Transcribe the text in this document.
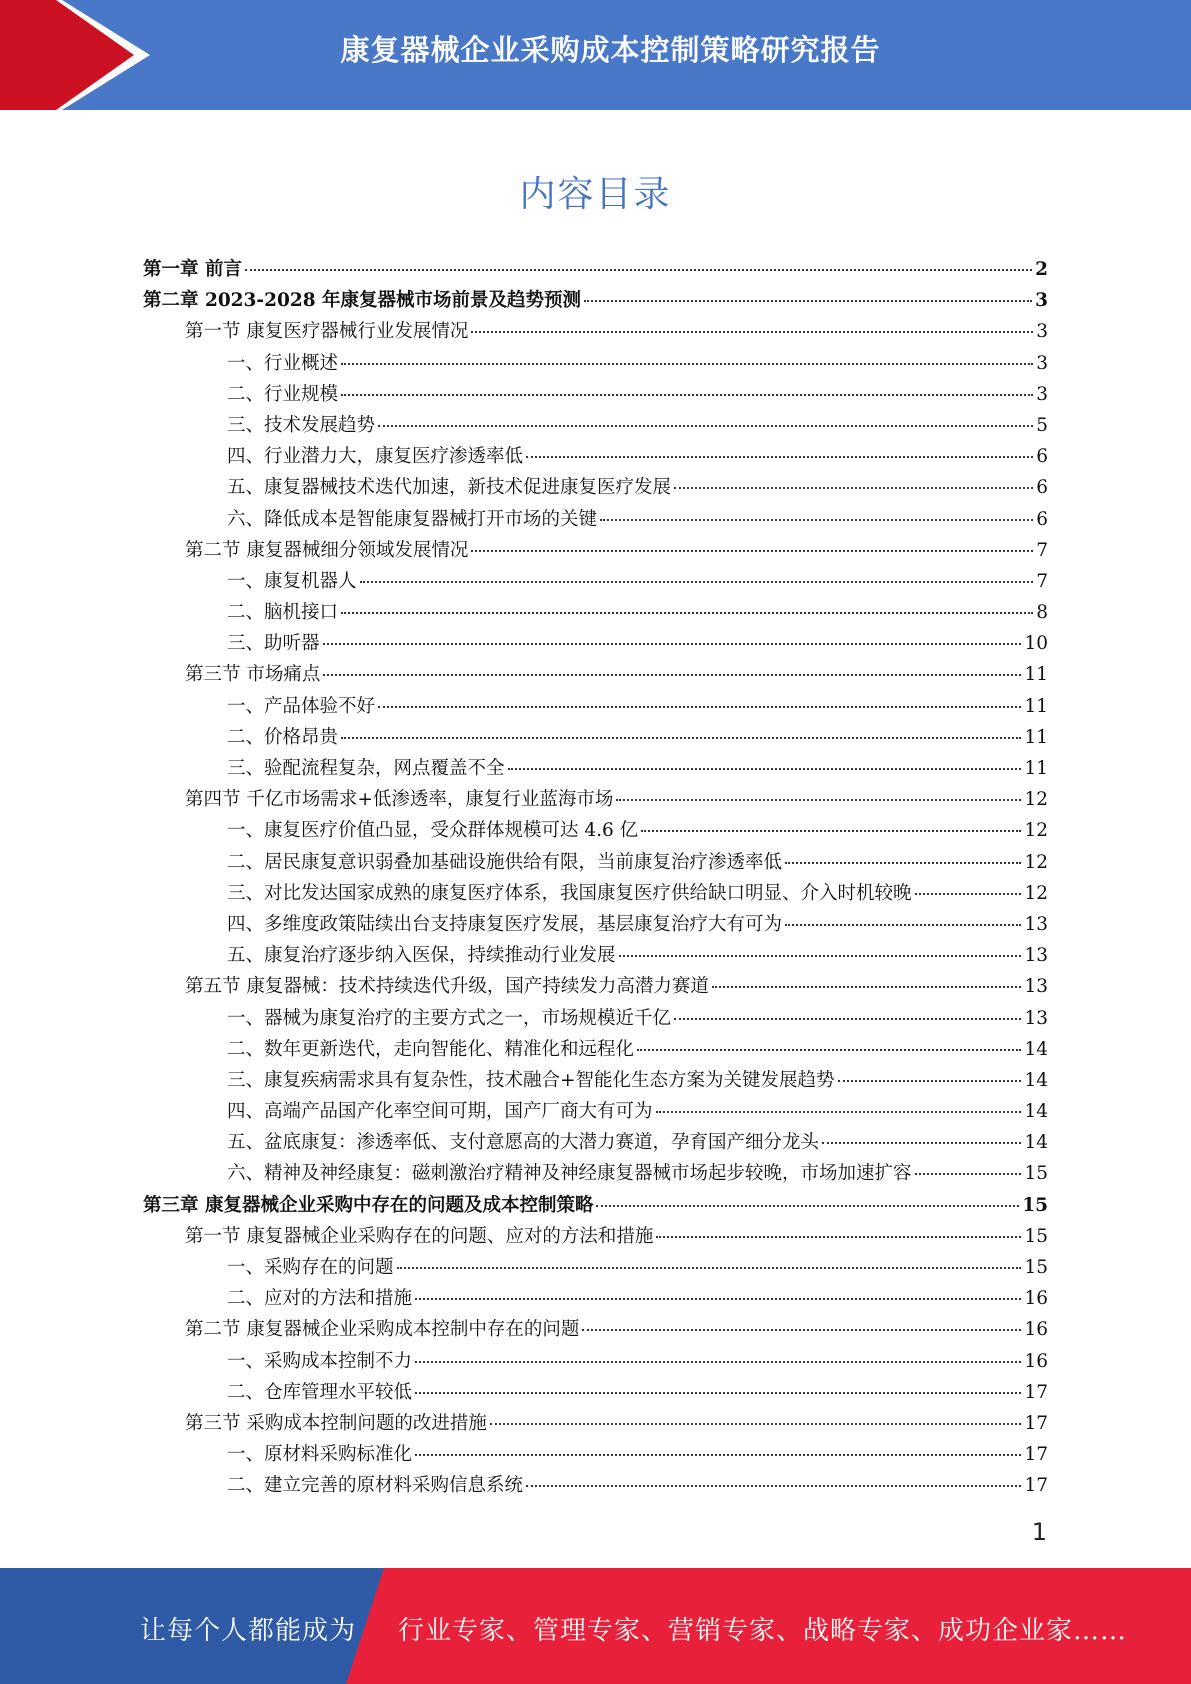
康复器械企业采购成本控制策略研究报告
内容目录
第一章 前言	2
第二章 2023-2028 年康复器械市场前景及趋势预测	3
第一节 康复医疗器械行业发展情况	3
一、行业概述	3
二、行业规模	3
三、技术发展趋势	5
四、行业潜力大，康复医疗渗透率低	6
五、康复器械技术迭代加速，新技术促进康复医疗发展	6
六、降低成本是智能康复器械打开市场的关键	6
第二节 康复器械细分领域发展情况	7
一、康复机器人	7
二、脑机接口	8
三、助听器	10
第三节 市场痛点	11
一、产品体验不好	11
二、价格昂贵	11
三、验配流程复杂，网点覆盖不全	11
第四节 千亿市场需求+低渗透率，康复行业蓝海市场	12
一、康复医疗价值凸显，受众群体规模可达 4.6 亿	12
二、居民康复意识弱叠加基础设施供给有限，当前康复治疗渗透率低	12
三、对比发达国家成熟的康复医疗体系，我国康复医疗供给缺口明显、介入时机较晚	12
四、多维度政策陆续出台支持康复医疗发展，基层康复治疗大有可为	13
五、康复治疗逐步纳入医保，持续推动行业发展	13
第五节 康复器械：技术持续迭代升级，国产持续发力高潜力赛道	13
一、器械为康复治疗的主要方式之一，市场规模近千亿	13
二、数年更新迭代，走向智能化、精准化和远程化	14
三、康复疾病需求具有复杂性，技术融合+智能化生态方案为关键发展趋势	14
四、高端产品国产化率空间可期，国产厂商大有可为	14
五、盆底康复：渗透率低、支付意愿高的大潜力赛道，孕育国产细分龙头	14
六、精神及神经康复：磁刺激治疗精神及神经康复器械市场起步较晚，市场加速扩容	15
第三章 康复器械企业采购中存在的问题及成本控制策略	15
第一节 康复器械企业采购存在的问题、应对的方法和措施	15
一、采购存在的问题	15
二、应对的方法和措施	16
第二节 康复器械企业采购成本控制中存在的问题	16
一、采购成本控制不力	16
二、仓库管理水平较低	17
第三节 采购成本控制问题的改进措施	17
一、原材料采购标准化	17
二、建立完善的原材料采购信息系统	17
1
让每个人都能成为 行业专家、管理专家、营销专家、战略专家、成功企业家……
